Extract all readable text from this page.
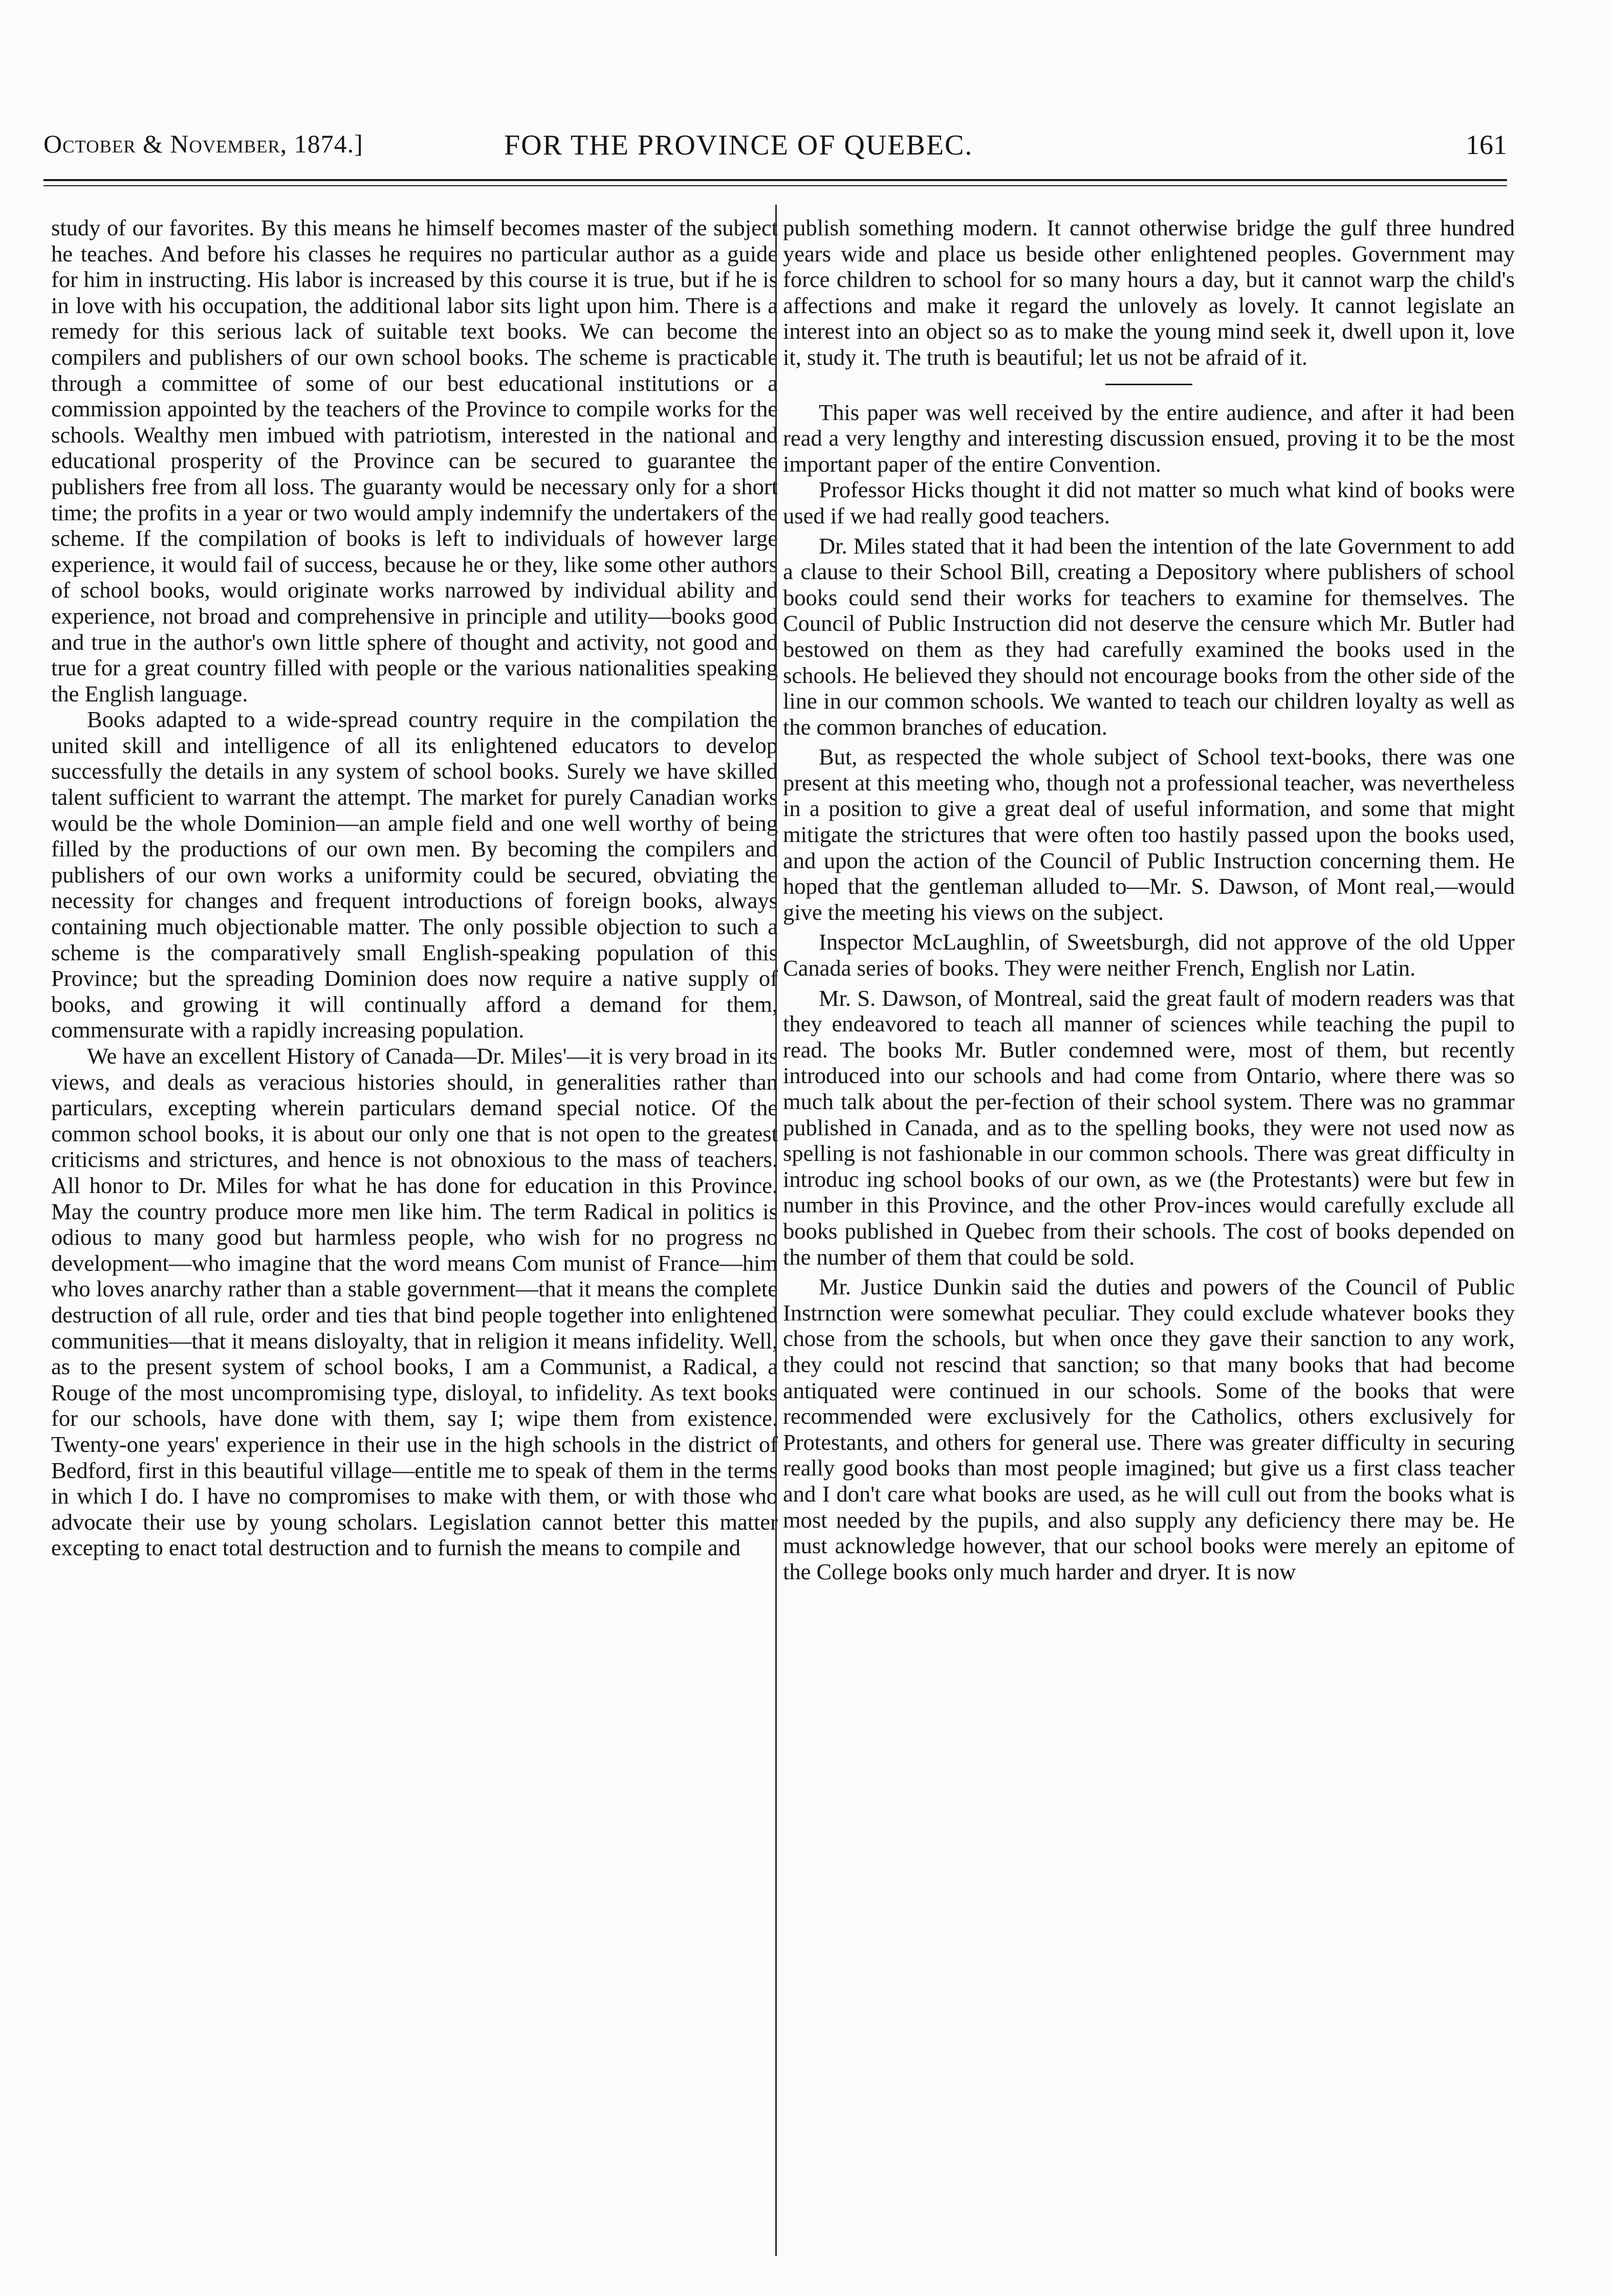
October & November, 1874.]	FOR THE PROVINCE OF QUEBEC.	161

study of our favorites. By this means he himself becomes master of the subject he teaches. And before his classes he requires no particular author as a guide for him in instructing. His labor is increased by this course it is true, but if he is in love with his occupation, the additional labor sits light upon him. There is a remedy for this serious lack of suitable text books. We can become the compilers and publishers of our own school books. The scheme is practicable through a committee of some of our best educational institutions or a commission appointed by the teachers of the Province to compile works for the schools. Wealthy men imbued with patriotism, interested in the national and educational prosperity of the Province can be secured to guarantee the publishers free from all loss. The guaranty would be necessary only for a short time; the profits in a year or two would amply indemnify the undertakers of the scheme. If the compilation of books is left to individuals of however large experience, it would fail of success, because he or they, like some other authors of school books, would originate works narrowed by individual ability and experience, not broad and comprehensive in principle and utility—books good and true in the author's own little sphere of thought and activity, not good and true for a great country filled with people or the various nationalities speaking the English language.

Books adapted to a wide-spread country require in the compilation the united skill and intelligence of all its enlightened educators to develop successfully the details in any system of school books. Surely we have skilled talent sufficient to warrant the attempt. The market for purely Canadian works would be the whole Dominion—an ample field and one well worthy of being filled by the productions of our own men. By becoming the compilers and publishers of our own works a uniformity could be secured, obviating the necessity for changes and frequent introductions of foreign books, always containing much objectionable matter. The only possible objection to such a scheme is the comparatively small English-speaking population of this Province; but the spreading Dominion does now require a native supply of books, and growing it will continually afford a demand for them, commensurate with a rapidly increasing population.

We have an excellent History of Canada—Dr. Miles'—it is very broad in its views, and deals as veracious histories should, in generalities rather than particulars, excepting wherein particulars demand special notice. Of the common school books, it is about our only one that is not open to the greatest criticisms and strictures, and hence is not obnoxious to the mass of teachers. All honor to Dr. Miles for what he has done for education in this Province. May the country produce more men like him. The term Radical in politics is odious to many good but harmless people, who wish for no progress no development—who imagine that the word means Com munist of France—him who loves anarchy rather than a stable government—that it means the complete destruction of all rule, order and ties that bind people together into enlightened communities—that it means disloyalty, that in religion it means infidelity. Well, as to the present system of school books, I am a Communist, a Radical, a Rouge of the most uncompromising type, disloyal, to infidelity. As text books for our schools, have done with them, say I; wipe them from existence. Twenty-one years' experience in their use in the high schools in the district of Bedford, first in this beautiful village—entitle me to speak of them in the terms in which I do. I have no compromises to make with them, or with those who advocate their use by young scholars. Legislation cannot better this matter excepting to enact total destruction and to furnish the means to compile and

publish something modern. It cannot otherwise bridge the gulf three hundred years wide and place us beside other enlightened peoples. Government may force children to school for so many hours a day, but it cannot warp the child's affections and make it regard the unlovely as lovely. It cannot legislate an interest into an object so as to make the young mind seek it, dwell upon it, love it, study it. The truth is beautiful; let us not be afraid of it.

This paper was well received by the entire audience, and after it had been read a very lengthy and interesting discussion ensued, proving it to be the most important paper of the entire Convention.

Professor Hicks thought it did not matter so much what kind of books were used if we had really good teachers.

Dr. Miles stated that it had been the intention of the late Government to add a clause to their School Bill, creating a Depository where publishers of school books could send their works for teachers to examine for themselves. The Council of Public Instruction did not deserve the censure which Mr. Butler had bestowed on them as they had carefully examined the books used in the schools. He believed they should not encourage books from the other side of the line in our common schools. We wanted to teach our children loyalty as well as the common branches of education.

But, as respected the whole subject of School text-books, there was one present at this meeting who, though not a professional teacher, was nevertheless in a position to give a great deal of useful information, and some that might mitigate the strictures that were often too hastily passed upon the books used, and upon the action of the Council of Public Instruction concerning them. He hoped that the gentleman alluded to—Mr. S. Dawson, of Mont real,—would give the meeting his views on the subject.

Inspector McLaughlin, of Sweetsburgh, did not approve of the old Upper Canada series of books. They were neither French, English nor Latin.

Mr. S. Dawson, of Montreal, said the great fault of modern readers was that they endeavored to teach all manner of sciences while teaching the pupil to read. The books Mr. Butler condemned were, most of them, but recently introduced into our schools and had come from Ontario, where there was so much talk about the per-fection of their school system. There was no grammar published in Canada, and as to the spelling books, they were not used now as spelling is not fashionable in our common schools. There was great difficulty in introduc ing school books of our own, as we (the Protestants) were but few in number in this Province, and the other Prov-inces would carefully exclude all books published in Quebec from their schools. The cost of books depended on the number of them that could be sold.

Mr. Justice Dunkin said the duties and powers of the Council of Public Instrnction were somewhat peculiar. They could exclude whatever books they chose from the schools, but when once they gave their sanction to any work, they could not rescind that sanction; so that many books that had become antiquated were continued in our schools. Some of the books that were recommended were exclusively for the Catholics, others exclusively for Protestants, and others for general use. There was greater difficulty in securing really good books than most people imagined; but give us a first class teacher and I don't care what books are used, as he will cull out from the books what is most needed by the pupils, and also supply any deficiency there may be. He must acknowledge however, that our school books were merely an epitome of the College books only much harder and dryer. It is now
